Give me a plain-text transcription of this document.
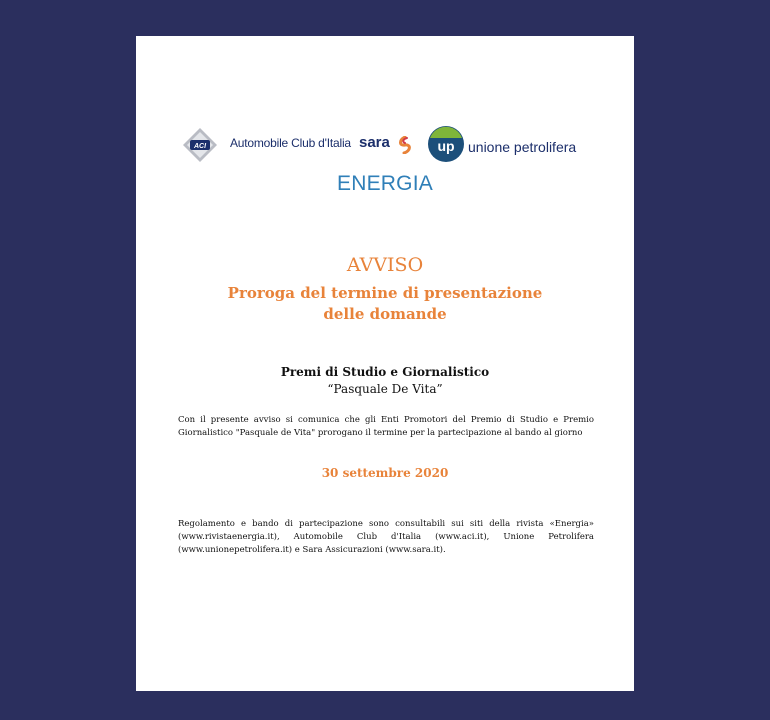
ACI Automobile Club d'Italia sara	up unione petrolifera
ENERGIA
AVVISO
Proroga del termine di presentazione
delle domande
Premi di Studio e Giornalistico
“Pasquale De Vita”
Con il presente avviso si comunica che gli Enti Promotori del Premio di Studio e Premio Giornalistico "Pasquale de Vita" prorogano il termine per la partecipazione al bando al giorno
30 settembre 2020
Regolamento e bando di partecipazione sono consultabili sui siti della rivista «Energia» (www.rivistaenergia.it), Automobile Club d'Italia (www.aci.it), Unione Petrolifera (www.unionepetrolifera.it) e Sara Assicurazioni (www.sara.it).
